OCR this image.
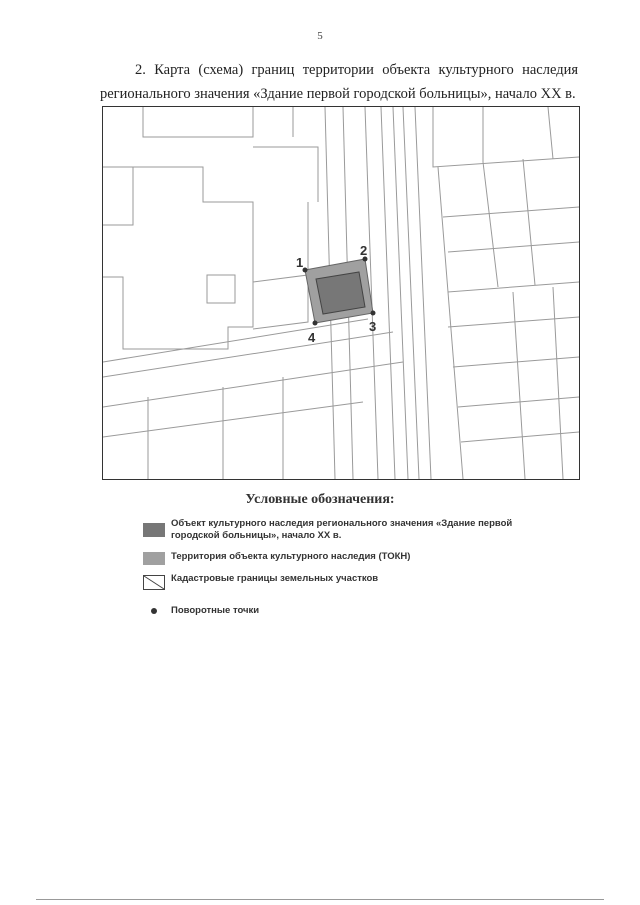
5
2. Карта (схема) границ территории объекта культурного наследия
регионального значения «Здание первой городской больницы», начало XX в.
1
2
3
4
Условные обозначения:
Объект культурного наследия регионального значения «Здание первой городской больницы», начало XX в.
Территория объекта культурного наследия (ТОКН)
Кадастровые границы земельных участков
Поворотные точки
